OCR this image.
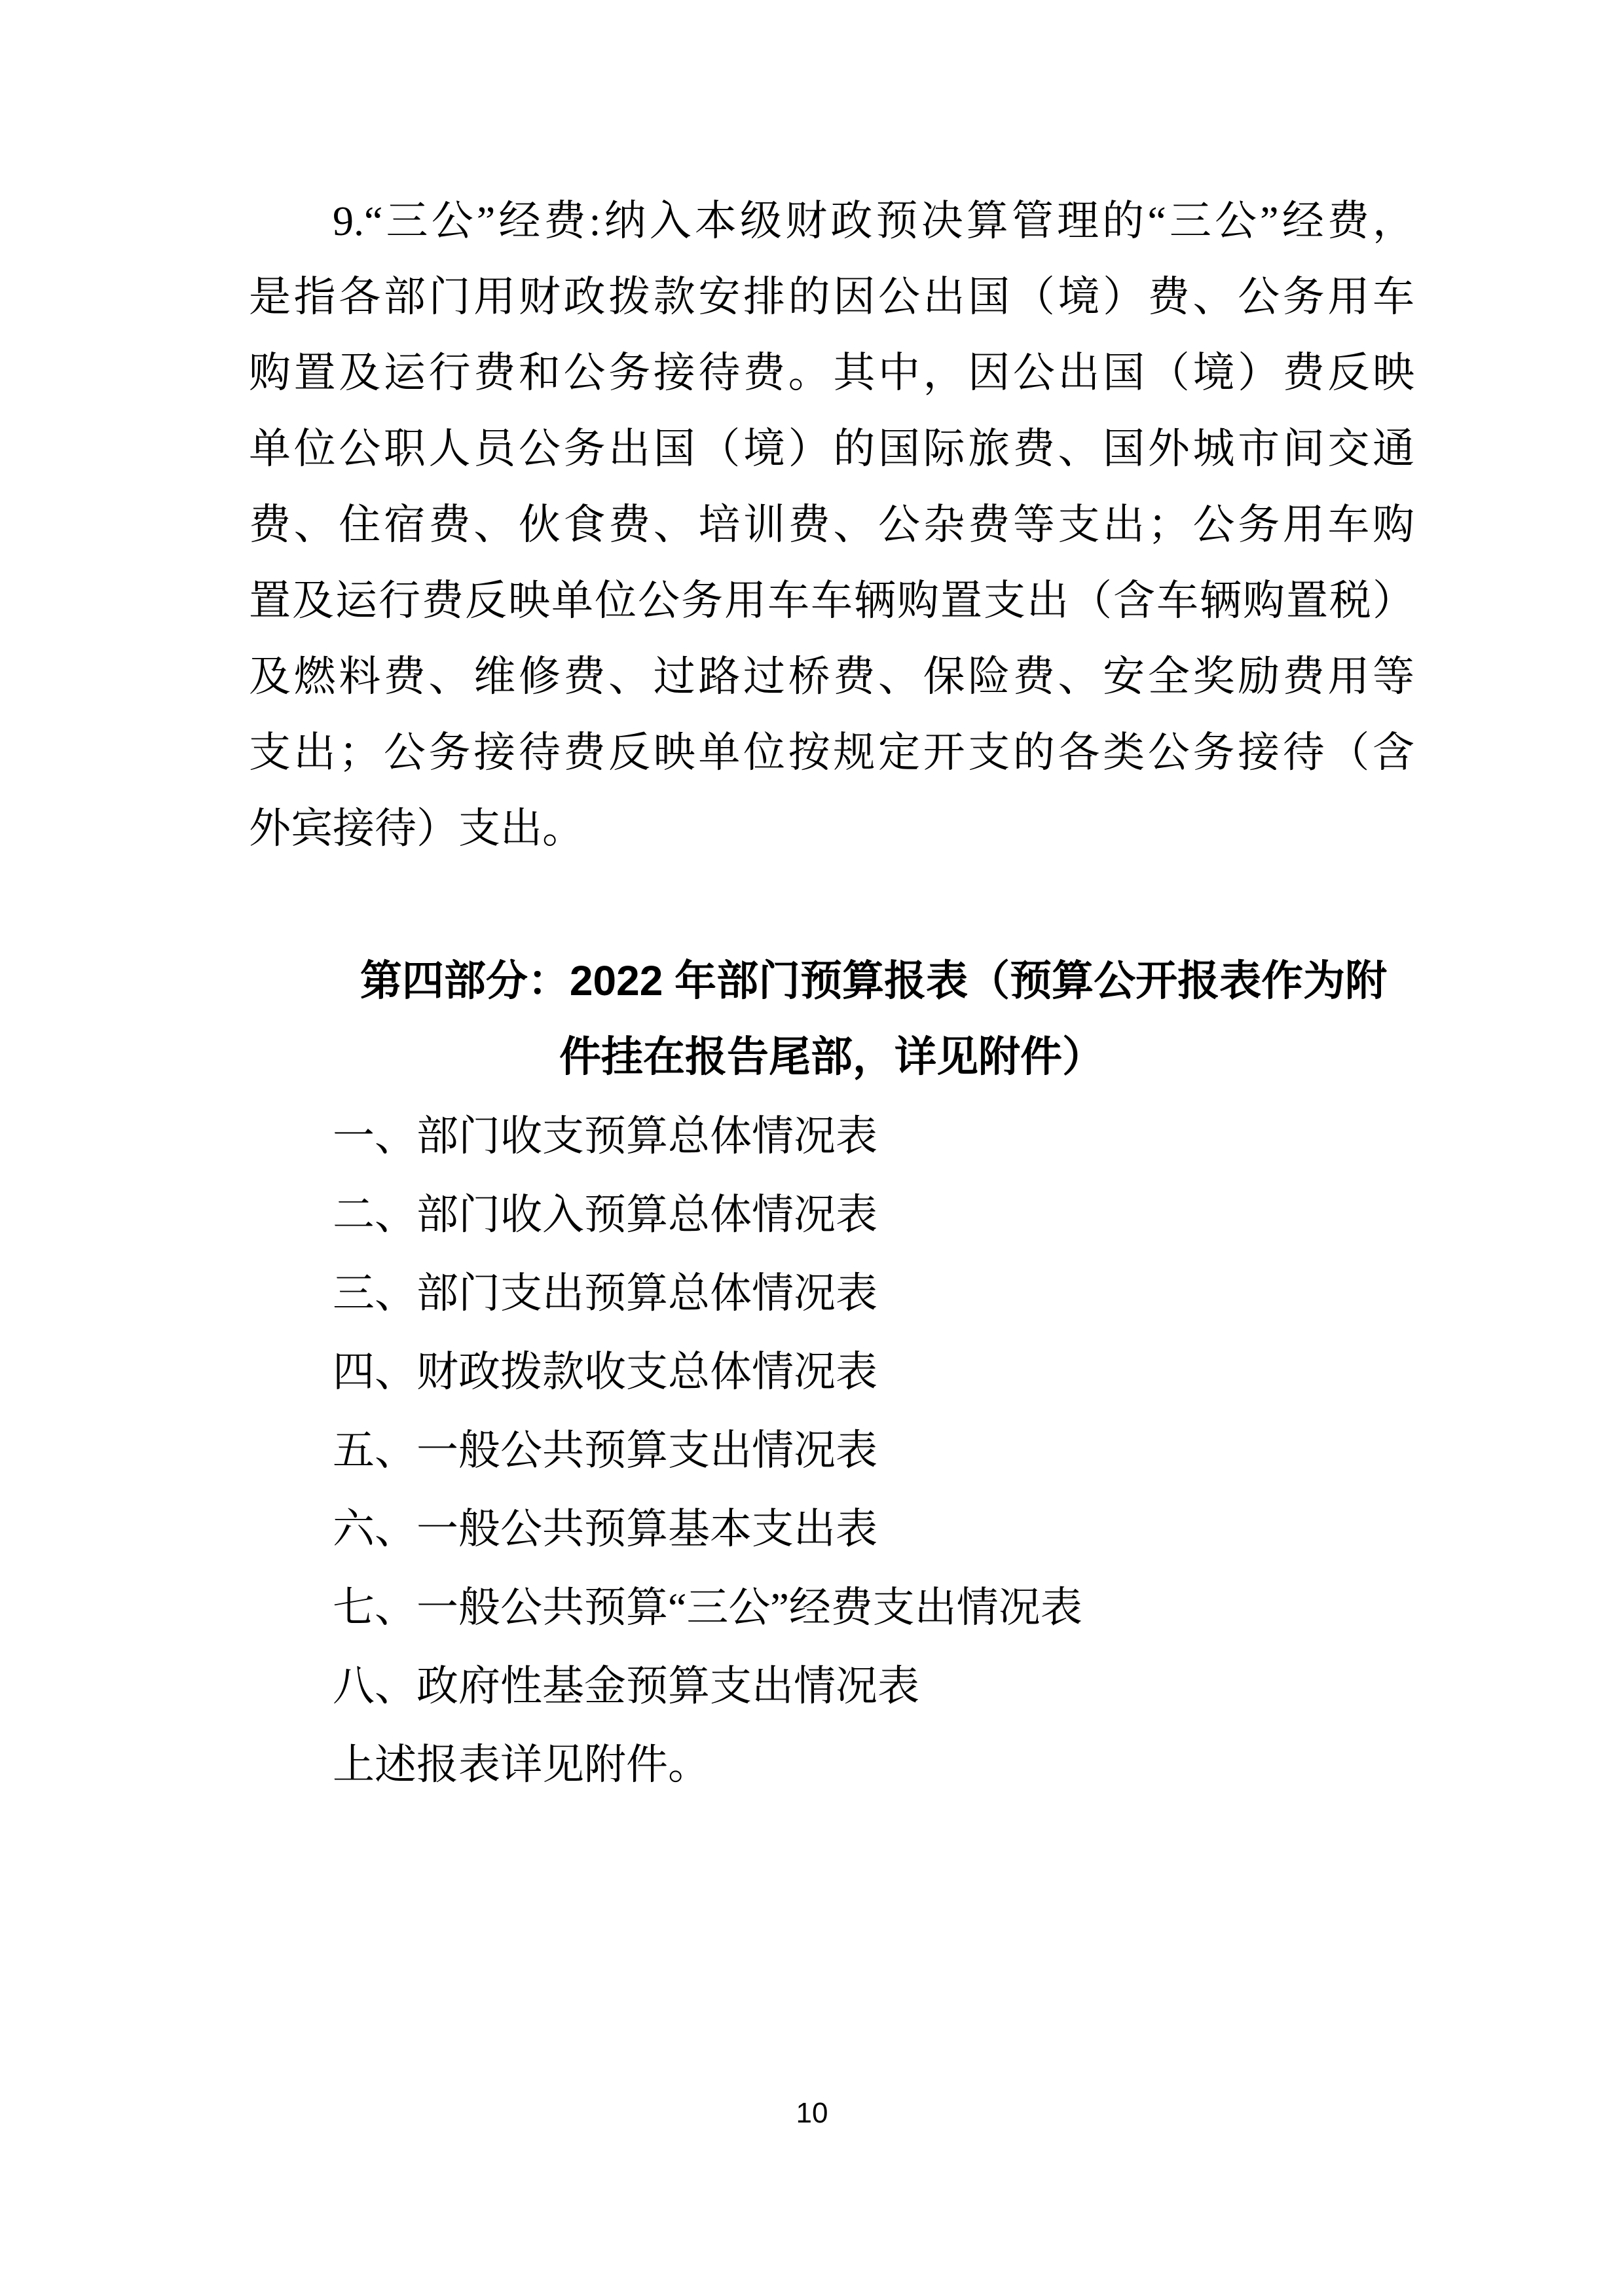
9.“三公”经费:纳入本级财政预决算管理的“三公”经费，
是指各部门用财政拨款安排的因公出国（境）费、公务用车
购置及运行费和公务接待费。其中，因公出国（境）费反映
单位公职人员公务出国（境）的国际旅费、国外城市间交通
费、住宿费、伙食费、培训费、公杂费等支出；公务用车购
置及运行费反映单位公务用车车辆购置支出（含车辆购置税）
及燃料费、维修费、过路过桥费、保险费、安全奖励费用等
支出；公务接待费反映单位按规定开支的各类公务接待（含
外宾接待）支出。
第四部分：2022 年部门预算报表（预算公开报表作为附
件挂在报告尾部，详见附件）
一、部门收支预算总体情况表
二、部门收入预算总体情况表
三、部门支出预算总体情况表
四、财政拨款收支总体情况表
五、一般公共预算支出情况表
六、一般公共预算基本支出表
七、一般公共预算“三公”经费支出情况表
八、政府性基金预算支出情况表
上述报表详见附件。
10
